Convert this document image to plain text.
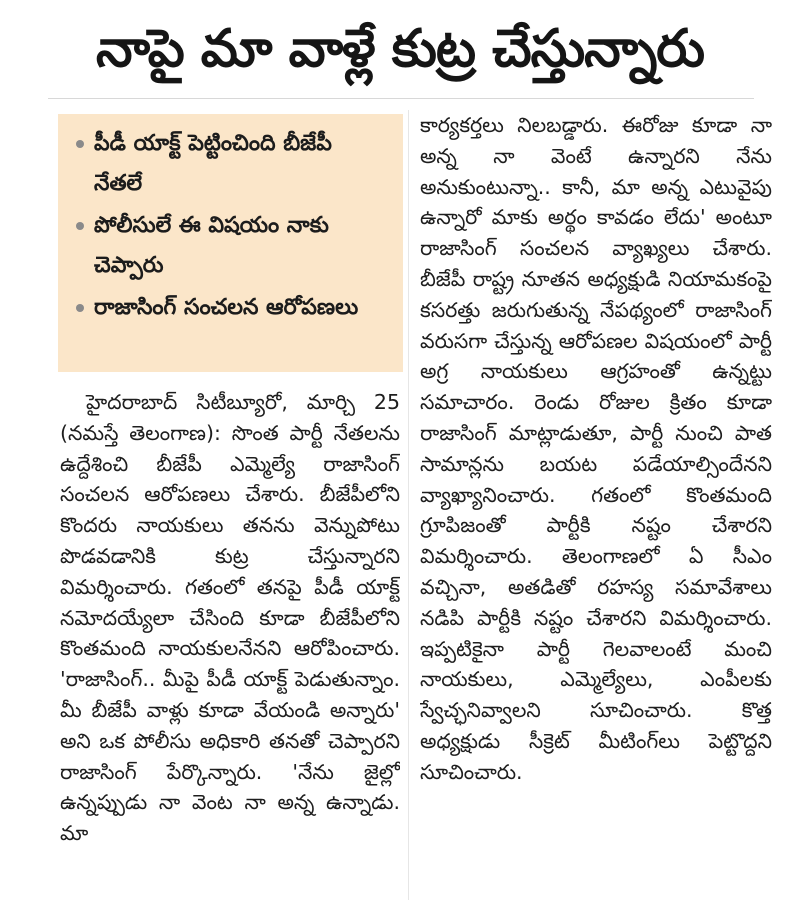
నాపై మా వాళ్లే కుట్ర చేస్తున్నారు
పీడీ యాక్ట్ పెట్టించింది బీజేపీ నేతలే
పోలీసులే ఈ విషయం నాకు చెప్పారు
రాజాసింగ్ సంచలన ఆరోపణలు
హైదరాబాద్ సిటీబ్యూరో, మార్చి 25 (నమస్తే తెలంగాణ): సొంత పార్టీ నేతలను ఉద్దేశించి బీజేపీ ఎమ్మెల్యే రాజాసింగ్ సంచలన ఆరోపణలు చేశారు. బీజేపీలోని కొందరు నాయకులు తనను వెన్నుపోటు పొడవడానికి కుట్ర చేస్తున్నారని విమర్శించారు. గతంలో తనపై పీడీ యాక్ట్ నమోదయ్యేలా చేసింది కూడా బీజేపీలోని కొంతమంది నాయకులనేనని ఆరోపించారు. 'రాజాసింగ్.. మీపై పీడీ యాక్ట్ పెడుతున్నాం. మీ బీజేపీ వాళ్లు కూడా వేయండి అన్నారు' అని ఒక పోలీసు అధికారి తనతో చెప్పారని రాజాసింగ్ పేర్కొన్నారు. 'నేను జైల్లో ఉన్నప్పుడు నా వెంట నా అన్న ఉన్నాడు. మా
కార్యకర్తలు నిలబడ్డారు. ఈరోజు కూడా నా అన్న నా వెంటే ఉన్నారని నేను అనుకుంటున్నా.. కానీ, మా అన్న ఎటువైపు ఉన్నారో మాకు అర్థం కావడం లేదు' అంటూ రాజాసింగ్ సంచలన వ్యాఖ్యలు చేశారు. బీజేపీ రాష్ట్ర నూతన అధ్యక్షుడి నియామకంపై కసరత్తు జరుగుతున్న నేపథ్యంలో రాజాసింగ్ వరుసగా చేస్తున్న ఆరోపణల విషయంలో పార్టీ అగ్ర నాయకులు ఆగ్రహంతో ఉన్నట్టు సమాచారం. రెండు రోజుల క్రితం కూడా రాజాసింగ్ మాట్లాడుతూ, పార్టీ నుంచి పాత సామాన్లను బయట పడేయాల్సిందేనని వ్యాఖ్యానించారు. గతంలో కొంతమంది గ్రూపిజంతో పార్టీకి నష్టం చేశారని విమర్శించారు. తెలంగాణలో ఏ సీఎం వచ్చినా, అతడితో రహస్య సమావేశాలు నడిపి పార్టీకి నష్టం చేశారని విమర్శించారు. ఇప్పటికైనా పార్టీ గెలవాలంటే మంచి నాయకులు, ఎమ్మెల్యేలు, ఎంపీలకు స్వేచ్ఛనివ్వాలని సూచించారు. కొత్త అధ్యక్షుడు సీక్రెట్ మీటింగ్‌లు పెట్టొద్దని సూచించారు.
